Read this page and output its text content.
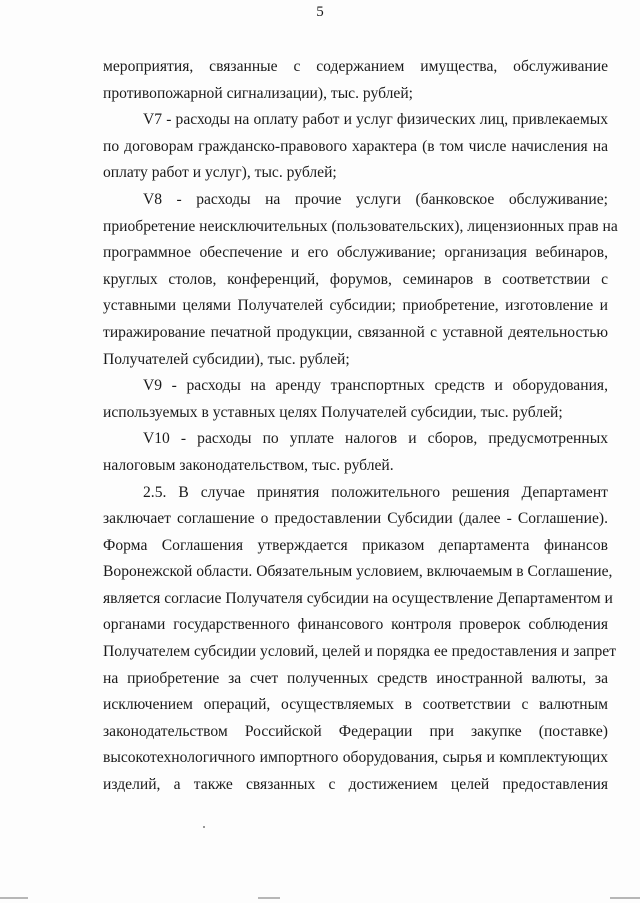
5
мероприятия, связанные с содержанием имущества, обслуживание
противопожарной сигнализации), тыс. рублей;
V7 - расходы на оплату работ и услуг физических лиц, привлекаемых
по договорам гражданско-правового характера (в том числе начисления на
оплату работ и услуг), тыс. рублей;
V8 - расходы на прочие услуги (банковское обслуживание;
приобретение неисключительных (пользовательских), лицензионных прав на
программное обеспечение и его обслуживание; организация вебинаров,
круглых столов, конференций, форумов, семинаров в соответствии с
уставными целями Получателей субсидии; приобретение, изготовление и
тиражирование печатной продукции, связанной с уставной деятельностью
Получателей субсидии), тыс. рублей;
V9 - расходы на аренду транспортных средств и оборудования,
используемых в уставных целях Получателей субсидии, тыс. рублей;
V10 - расходы по уплате налогов и сборов, предусмотренных
налоговым законодательством, тыс. рублей.
2.5. В случае принятия положительного решения Департамент
заключает соглашение о предоставлении Субсидии (далее - Соглашение).
Форма Соглашения утверждается приказом департамента финансов
Воронежской области. Обязательным условием, включаемым в Соглашение,
является согласие Получателя субсидии на осуществление Департаментом и
органами государственного финансового контроля проверок соблюдения
Получателем субсидии условий, целей и порядка ее предоставления и запрет
на приобретение за счет полученных средств иностранной валюты, за
исключением операций, осуществляемых в соответствии с валютным
законодательством Российской Федерации при закупке (поставке)
высокотехнологичного импортного оборудования, сырья и комплектующих
изделий, а также связанных с достижением целей предоставления
